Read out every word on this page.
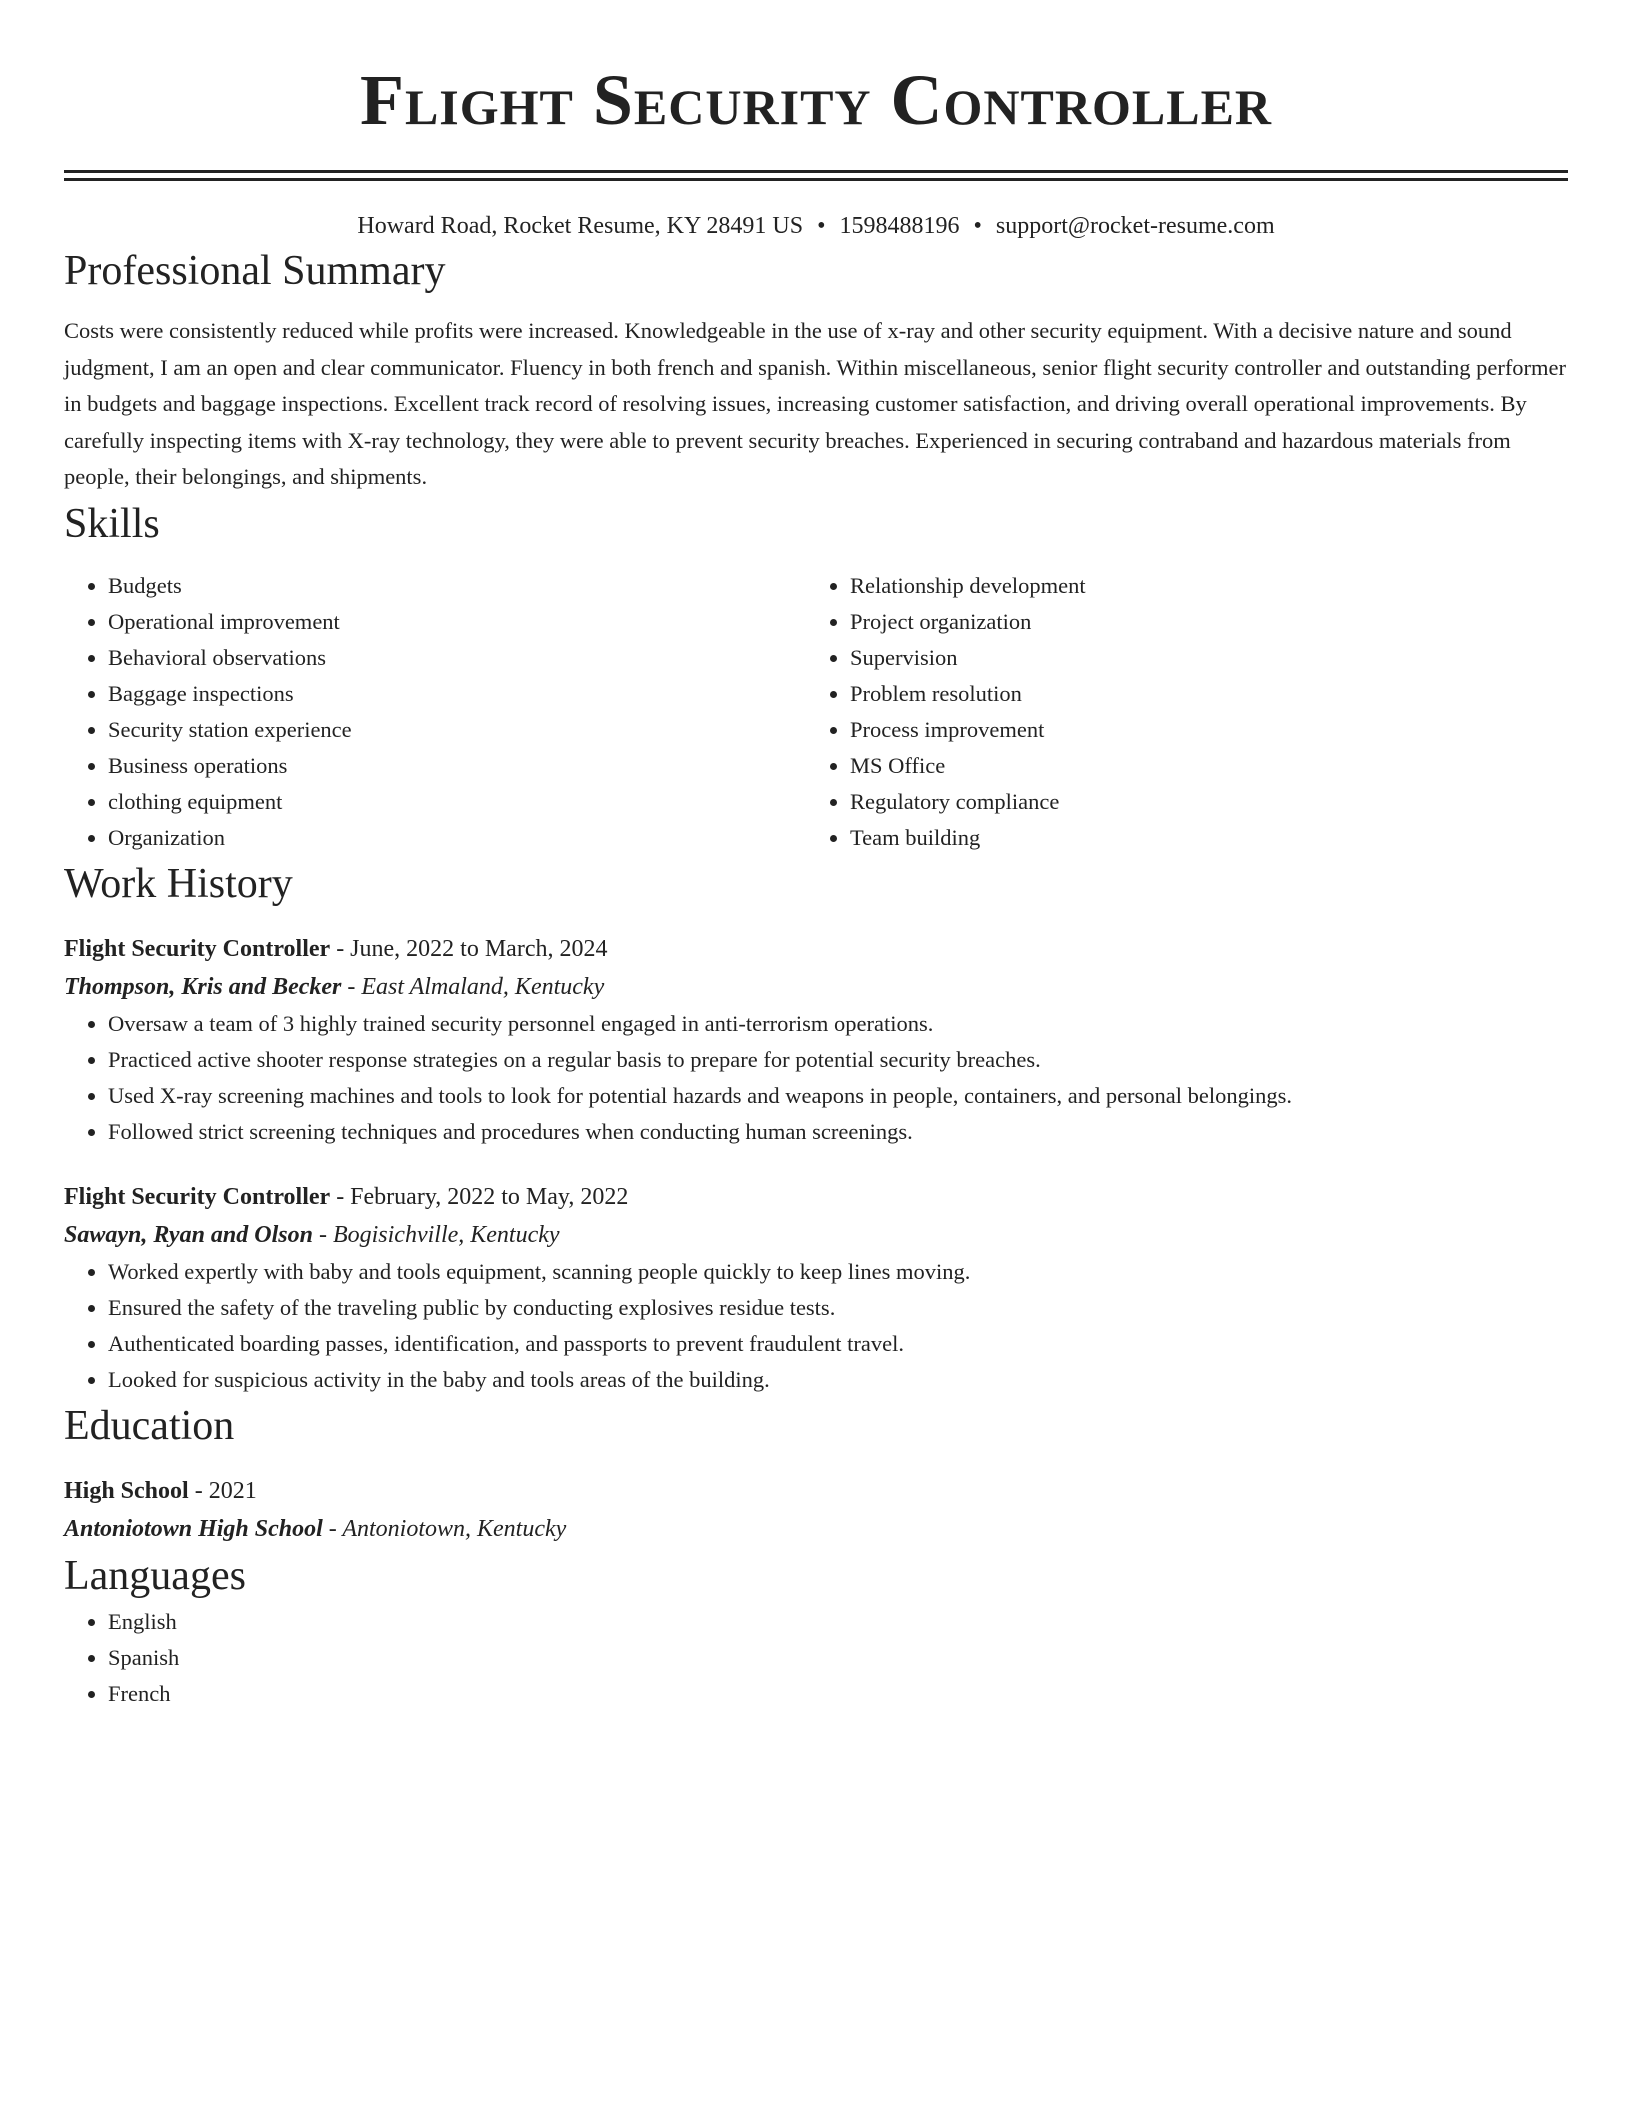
Flight Security Controller
Howard Road, Rocket Resume, KY 28491 US • 1598488196 • support@rocket-resume.com
Professional Summary

Costs were consistently reduced while profits were increased. Knowledgeable in the use of x-ray and other security equipment. With a decisive nature and sound judgment, I am an open and clear communicator. Fluency in both french and spanish. Within miscellaneous, senior flight security controller and outstanding performer in budgets and baggage inspections. Excellent track record of resolving issues, increasing customer satisfaction, and driving overall operational improvements. By carefully inspecting items with X-ray technology, they were able to prevent security breaches. Experienced in securing contraband and hazardous materials from people, their belongings, and shipments.

Skills
• Budgets
• Operational improvement
• Behavioral observations
• Baggage inspections
• Security station experience
• Business operations
• clothing equipment
• Organization
• Relationship development
• Project organization
• Supervision
• Problem resolution
• Process improvement
• MS Office
• Regulatory compliance
• Team building
Work History
Flight Security Controller - June, 2022 to March, 2024
Thompson, Kris and Becker - East Almaland, Kentucky
• Oversaw a team of 3 highly trained security personnel engaged in anti-terrorism operations.
• Practiced active shooter response strategies on a regular basis to prepare for potential security breaches.
• Used X-ray screening machines and tools to look for potential hazards and weapons in people, containers, and personal belongings.
• Followed strict screening techniques and procedures when conducting human screenings.
Flight Security Controller - February, 2022 to May, 2022
Sawayn, Ryan and Olson - Bogisichville, Kentucky
• Worked expertly with baby and tools equipment, scanning people quickly to keep lines moving.
• Ensured the safety of the traveling public by conducting explosives residue tests.
• Authenticated boarding passes, identification, and passports to prevent fraudulent travel.
• Looked for suspicious activity in the baby and tools areas of the building.
Education
High School - 2021
Antoniotown High School - Antoniotown, Kentucky
Languages
• English
• Spanish
• French
